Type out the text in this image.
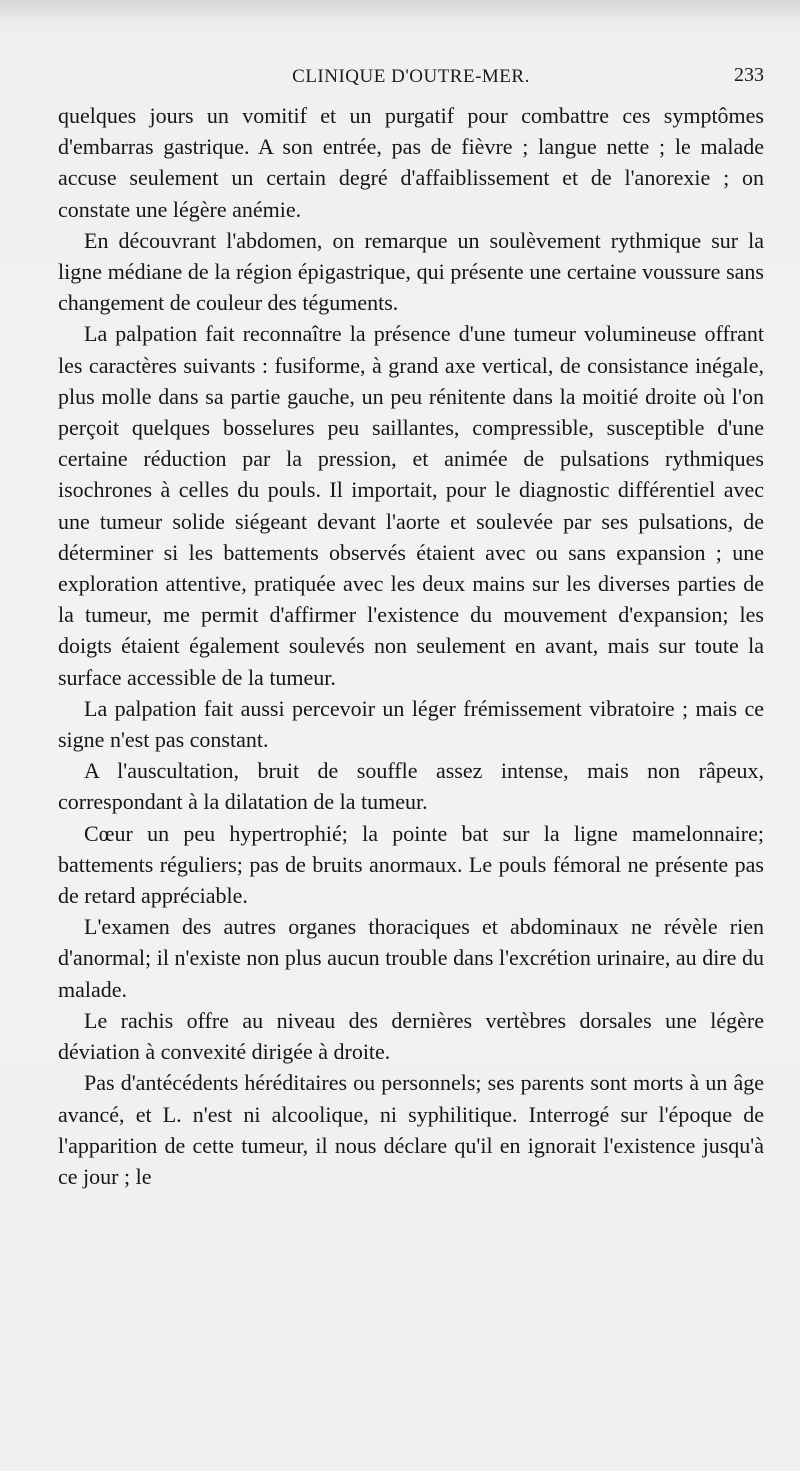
CLINIQUE D'OUTRE-MER.	233

quelques jours un vomitif et un purgatif pour combattre ces symptômes d'embarras gastrique. A son entrée, pas de fièvre ; langue nette ; le malade accuse seulement un certain degré d'affaiblissement et de l'anorexie ; on constate une légère anémie.

En découvrant l'abdomen, on remarque un soulèvement rythmique sur la ligne médiane de la région épigastrique, qui présente une certaine voussure sans changement de couleur des téguments.

La palpation fait reconnaître la présence d'une tumeur volumineuse offrant les caractères suivants : fusiforme, à grand axe vertical, de consistance inégale, plus molle dans sa partie gauche, un peu rénitente dans la moitié droite où l'on perçoit quelques bosselures peu saillantes, compressible, susceptible d'une certaine réduction par la pression, et animée de pulsations rythmiques isochrones à celles du pouls. Il importait, pour le diagnostic différentiel avec une tumeur solide siégeant devant l'aorte et soulevée par ses pulsations, de déterminer si les battements observés étaient avec ou sans expansion ; une exploration attentive, pratiquée avec les deux mains sur les diverses parties de la tumeur, me permit d'affirmer l'existence du mouvement d'expansion; les doigts étaient également soulevés non seulement en avant, mais sur toute la surface accessible de la tumeur.

La palpation fait aussi percevoir un léger frémissement vibratoire ; mais ce signe n'est pas constant.

A l'auscultation, bruit de souffle assez intense, mais non râpeux, correspondant à la dilatation de la tumeur.

Cœur un peu hypertrophié; la pointe bat sur la ligne mamelonnaire; battements réguliers; pas de bruits anormaux. Le pouls fémoral ne présente pas de retard appréciable.

L'examen des autres organes thoraciques et abdominaux ne révèle rien d'anormal; il n'existe non plus aucun trouble dans l'excrétion urinaire, au dire du malade.

Le rachis offre au niveau des dernières vertèbres dorsales une légère déviation à convexité dirigée à droite.

Pas d'antécédents héréditaires ou personnels; ses parents sont morts à un âge avancé, et L. n'est ni alcoolique, ni syphilitique. Interrogé sur l'époque de l'apparition de cette tumeur, il nous déclare qu'il en ignorait l'existence jusqu'à ce jour ; le
